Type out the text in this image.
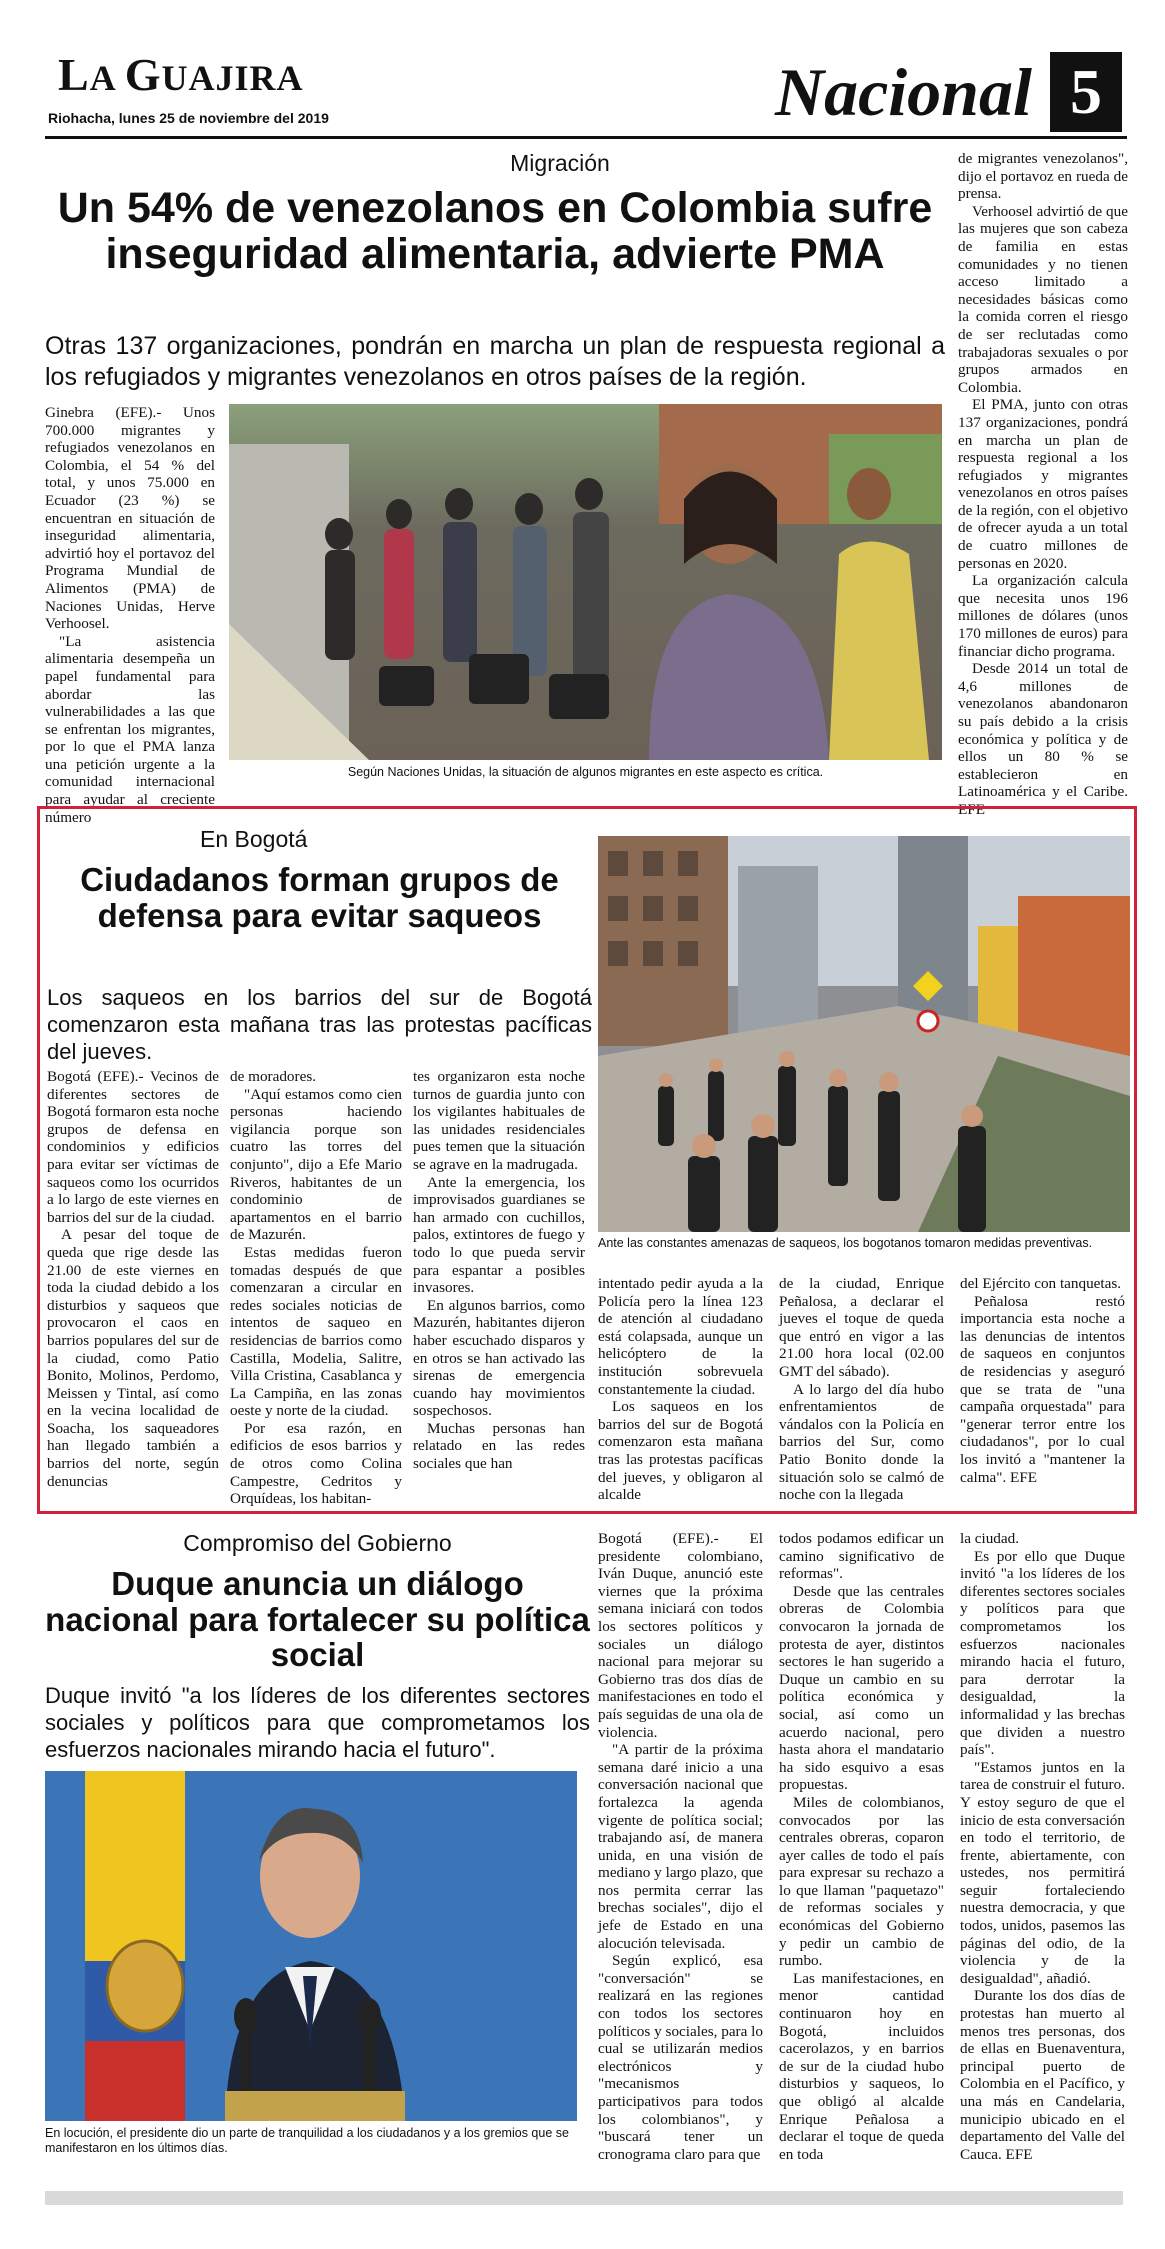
LA GUAJIRA
Riohacha, lunes 25 de noviembre del 2019	Nacional 5
Migración
Un 54% de venezolanos en Colombia sufre inseguridad alimentaria, advierte PMA
Otras 137 organizaciones, pondrán en marcha un plan de respuesta regional a los refugiados y migrantes venezolanos en otros países de la región.

Ginebra (EFE).- Unos 700.000 migrantes y refugiados venezolanos en Colombia, el 54 % del total, y unos 75.000 en Ecuador (23 %) se encuentran en situación de inseguridad alimentaria, advirtió hoy el portavoz del Programa Mundial de Alimentos (PMA) de Naciones Unidas, Herve Verhoosel.

"La asistencia alimentaria desempeña un papel fundamental para abordar las vulnerabilidades a las que se enfrentan los migrantes, por lo que el PMA lanza una petición urgente a la comunidad internacional para ayudar al creciente número

Según Naciones Unidas, la situación de algunos migrantes en este aspecto es crítica.

de migrantes venezolanos", dijo el portavoz en rueda de prensa.

Verhoosel advirtió de que las mujeres que son cabeza de familia en estas comunidades y no tienen acceso limitado a necesidades básicas como la comida corren el riesgo de ser reclutadas como trabajadoras sexuales o por grupos armados en Colombia.

El PMA, junto con otras 137 organizaciones, pondrá en marcha un plan de respuesta regional a los refugiados y migrantes venezolanos en otros países de la región, con el objetivo de ofrecer ayuda a un total de cuatro millones de personas en 2020.

La organización calcula que necesita unos 196 millones de dólares (unos 170 millones de euros) para financiar dicho programa.

Desde 2014 un total de 4,6 millones de venezolanos abandonaron su país debido a la crisis económica y política y de ellos un 80 % se establecieron en Latinoamérica y el Caribe. EFE

En Bogotá
Ciudadanos forman grupos de defensa para evitar saqueos
Los saqueos en los barrios del sur de Bogotá comenzaron esta mañana tras las protestas pacíficas del jueves.

Bogotá (EFE).- Vecinos de diferentes sectores de Bogotá formaron esta noche grupos de defensa en condominios y edificios para evitar ser víctimas de saqueos como los ocurridos a lo largo de este viernes en barrios del sur de la ciudad.

A pesar del toque de queda que rige desde las 21.00 de este viernes en toda la ciudad debido a los disturbios y saqueos que provocaron el caos en barrios populares del sur de la ciudad, como Patio Bonito, Molinos, Perdomo, Meissen y Tintal, así como en la vecina localidad de Soacha, los saqueadores han llegado también a barrios del norte, según denuncias

de moradores.

"Aquí estamos como cien personas haciendo vigilancia porque son cuatro las torres del conjunto", dijo a Efe Mario Riveros, habitantes de un condominio de apartamentos en el barrio de Mazurén.

Estas medidas fueron tomadas después de que comenzaran a circular en redes sociales noticias de intentos de saqueo en residencias de barrios como Castilla, Modelia, Salitre, Villa Cristina, Casablanca y La Campiña, en las zonas oeste y norte de la ciudad.

Por esa razón, en edificios de esos barrios y de otros como Colina Campestre, Cedritos y Orquídeas, los habitan-

tes organizaron esta noche turnos de guardia junto con los vigilantes habituales de las unidades residenciales pues temen que la situación se agrave en la madrugada.

Ante la emergencia, los improvisados guardianes se han armado con cuchillos, palos, extintores de fuego y todo lo que pueda servir para espantar a posibles invasores.

En algunos barrios, como Mazurén, habitantes dijeron haber escuchado disparos y en otros se han activado las sirenas de emergencia cuando hay movimientos sospechosos.

Muchas personas han relatado en las redes sociales que han

Ante las constantes amenazas de saqueos, los bogotanos tomaron medidas preventivas.

intentado pedir ayuda a la Policía pero la línea 123 de atención al ciudadano está colapsada, aunque un helicóptero de la institución sobrevuela constantemente la ciudad.

Los saqueos en los barrios del sur de Bogotá comenzaron esta mañana tras las protestas pacíficas del jueves, y obligaron al alcalde

de la ciudad, Enrique Peñalosa, a declarar el jueves el toque de queda que entró en vigor a las 21.00 hora local (02.00 GMT del sábado).

A lo largo del día hubo enfrentamientos de vándalos con la Policía en barrios del Sur, como Patio Bonito donde la situación solo se calmó de noche con la llegada

del Ejército con tanquetas.

Peñalosa restó importancia esta noche a las denuncias de intentos de saqueos en conjuntos de residencias y aseguró que se trata de "una campaña orquestada" para "generar terror entre los ciudadanos", por lo cual los invitó a "mantener la calma". EFE

Compromiso del Gobierno
Duque anuncia un diálogo nacional para fortalecer su política social
Duque invitó "a los líderes de los diferentes sectores sociales y políticos para que comprometamos los esfuerzos nacionales mirando hacia el futuro".
En locución, el presidente dio un parte de tranquilidad a los ciudadanos y a los gremios que se manifestaron en los últimos días.

Bogotá (EFE).- El presidente colombiano, Iván Duque, anunció este viernes que la próxima semana iniciará con todos los sectores políticos y sociales un diálogo nacional para mejorar su Gobierno tras dos días de manifestaciones en todo el país seguidas de una ola de violencia.

"A partir de la próxima semana daré inicio a una conversación nacional que fortalezca la agenda vigente de política social; trabajando así, de manera unida, en una visión de mediano y largo plazo, que nos permita cerrar las brechas sociales", dijo el jefe de Estado en una alocución televisada.

Según explicó, esa "conversación" se realizará en las regiones con todos los sectores políticos y sociales, para lo cual se utilizarán medios electrónicos y "mecanismos participativos para todos los colombianos", y "buscará tener un cronograma claro para que

todos podamos edificar un camino significativo de reformas".

Desde que las centrales obreras de Colombia convocaron la jornada de protesta de ayer, distintos sectores le han sugerido a Duque un cambio en su política económica y social, así como un acuerdo nacional, pero hasta ahora el mandatario ha sido esquivo a esas propuestas.

Miles de colombianos, convocados por las centrales obreras, coparon ayer calles de todo el país para expresar su rechazo a lo que llaman "paquetazo" de reformas sociales y económicas del Gobierno y pedir un cambio de rumbo.

Las manifestaciones, en menor cantidad continuaron hoy en Bogotá, incluidos cacerolazos, y en barrios de sur de la ciudad hubo disturbios y saqueos, lo que obligó al alcalde Enrique Peñalosa a declarar el toque de queda en toda

la ciudad.

Es por ello que Duque invitó "a los líderes de los diferentes sectores sociales y políticos para que comprometamos los esfuerzos nacionales mirando hacia el futuro, para derrotar la desigualdad, la informalidad y las brechas que dividen a nuestro país".

"Estamos juntos en la tarea de construir el futuro. Y estoy seguro de que el inicio de esta conversación en todo el territorio, de frente, abiertamente, con ustedes, nos permitirá seguir fortaleciendo nuestra democracia, y que todos, unidos, pasemos las páginas del odio, de la violencia y de la desigualdad", añadió.

Durante los dos días de protestas han muerto al menos tres personas, dos de ellas en Buenaventura, principal puerto de Colombia en el Pacífico, y una más en Candelaria, municipio ubicado en el departamento del Valle del Cauca. EFE
